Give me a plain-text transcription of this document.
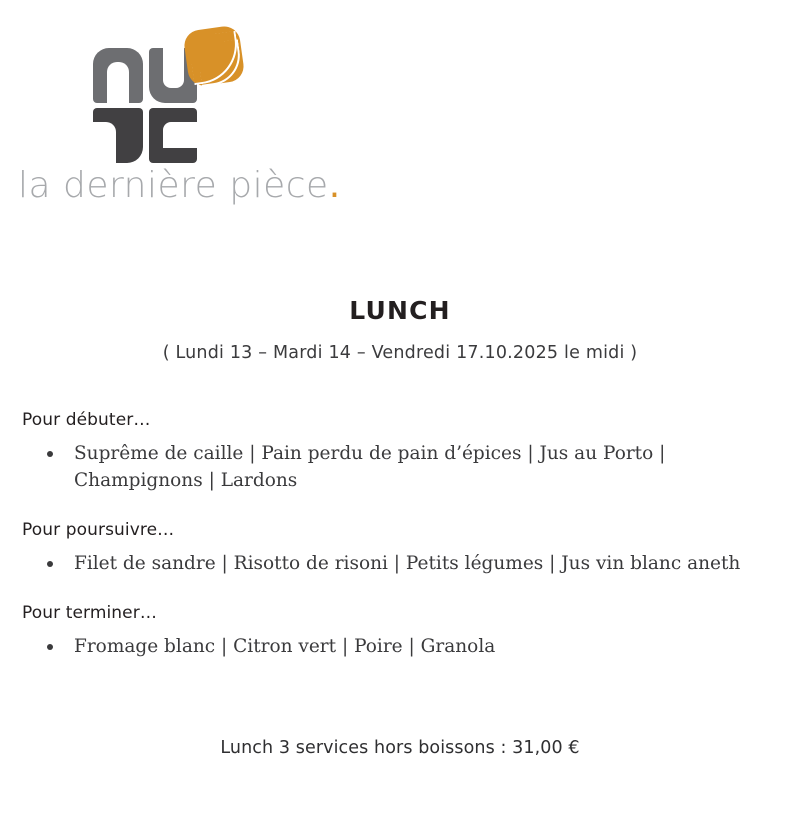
la dernière pièce.
LUNCH
( Lundi 13 – Mardi 14 – Vendredi 17.10.2025 le midi )

Pour débuter…

Suprême de caille | Pain perdu de pain d’épices | Jus au Porto | Champignons | Lardons

Pour poursuivre…

Filet de sandre | Risotto de risoni | Petits légumes | Jus vin blanc aneth

Pour terminer…

Fromage blanc | Citron vert | Poire | Granola
Lunch 3 services hors boissons : 31,00 €
